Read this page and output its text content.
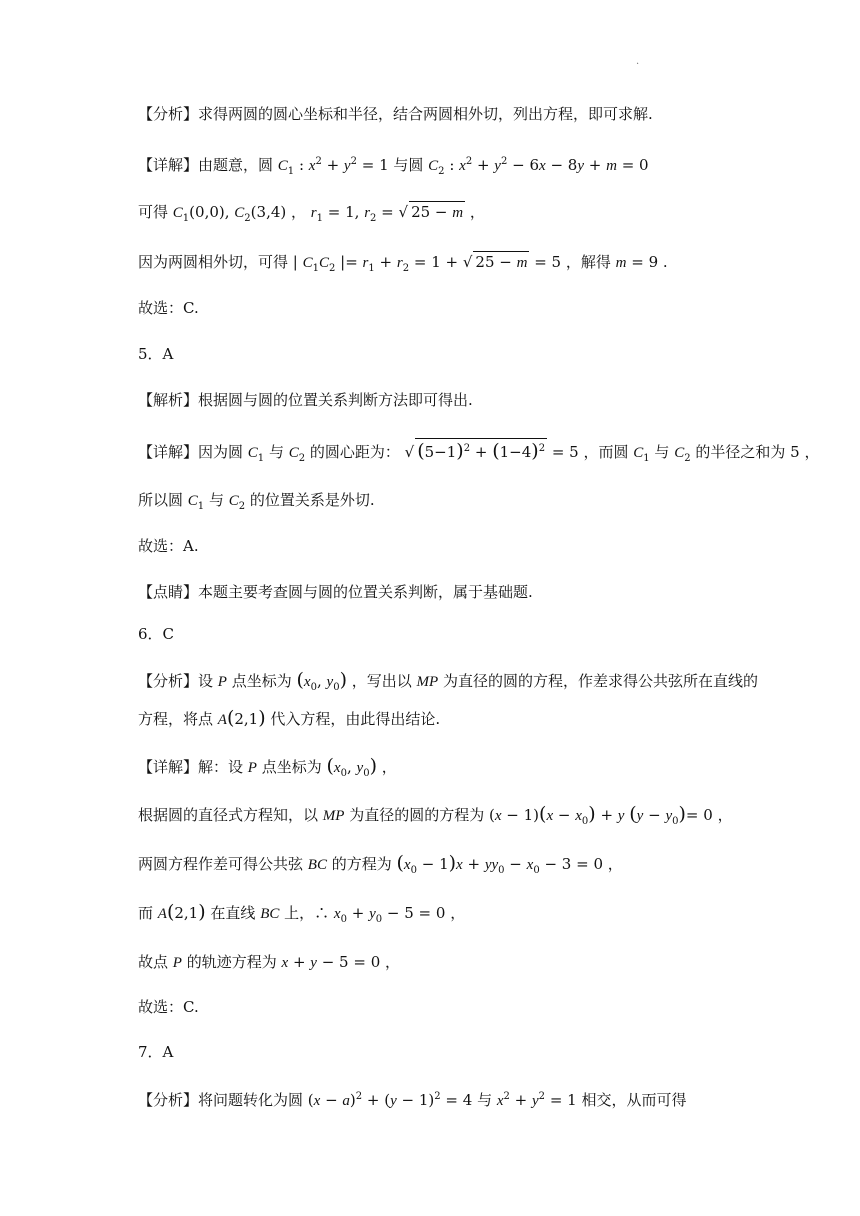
.
【分析】求得两圆的圆心坐标和半径，结合两圆相外切，列出方程，即可求解.
【详解】由题意，圆 $C_1$ : $x^2 + y^2 = 1$ 与圆 $C_2$ : $x^2 + y^2 - 6x - 8y + m = 0$
可得 $C_1(0,0)$, $C_2(3,4)$ ， $r_1 = 1$, $r_2$ = √ 25 − m ，
因为两圆相外切，可得 | $C_1C_2$ |= $r_1 + r_2 = 1$ + √ 25 − m = 5 ，解得 m = 9 .
故选：C.
5．A
【解析】根据圆与圆的位置关系判断方法即可得出.
【详解】因为圆 $C_1$ 与 $C_2$ 的圆心距为： √ $(5-1)^2 + (1-4)^2 = 5$ ，而圆 $C_1$ 与 $C_2$ 的半径之和为 5 ，
所以圆 $C_1$ 与 $C_2$ 的位置关系是外切.
故选：A.
【点睛】本题主要考查圆与圆的位置关系判断，属于基础题.
6．C
【分析】设 P 点坐标为 ($x_0$, $y_0$) ，写出以 MP 为直径的圆的方程，作差求得公共弦所在直线的
方程，将点 A(2,1) 代入方程，由此得出结论.
【详解】解：设 P 点坐标为 ($x_0$, $y_0$) ，
根据圆的直径式方程知，以 MP 为直径的圆的方程为 $(x - 1)(x - x_0) + y$ $(y - y_0)= 0$ ，
两圆方程作差可得公共弦 BC 的方程为 $(x_0 - 1)x + yy_0 - x_0 - 3 = 0$ ，
而 A(2,1) 在直线 BC 上，∴ $x_0 + y_0 - 5 = 0$ ，
故点 P 的轨迹方程为 x + y − 5 = 0 ，
故选：C.
7．A
【分析】将问题转化为圆 $(x - a)^2 + (y - 1)^2 = 4$ 与 $x^2 + y^2 = 1$ 相交，从而可得
